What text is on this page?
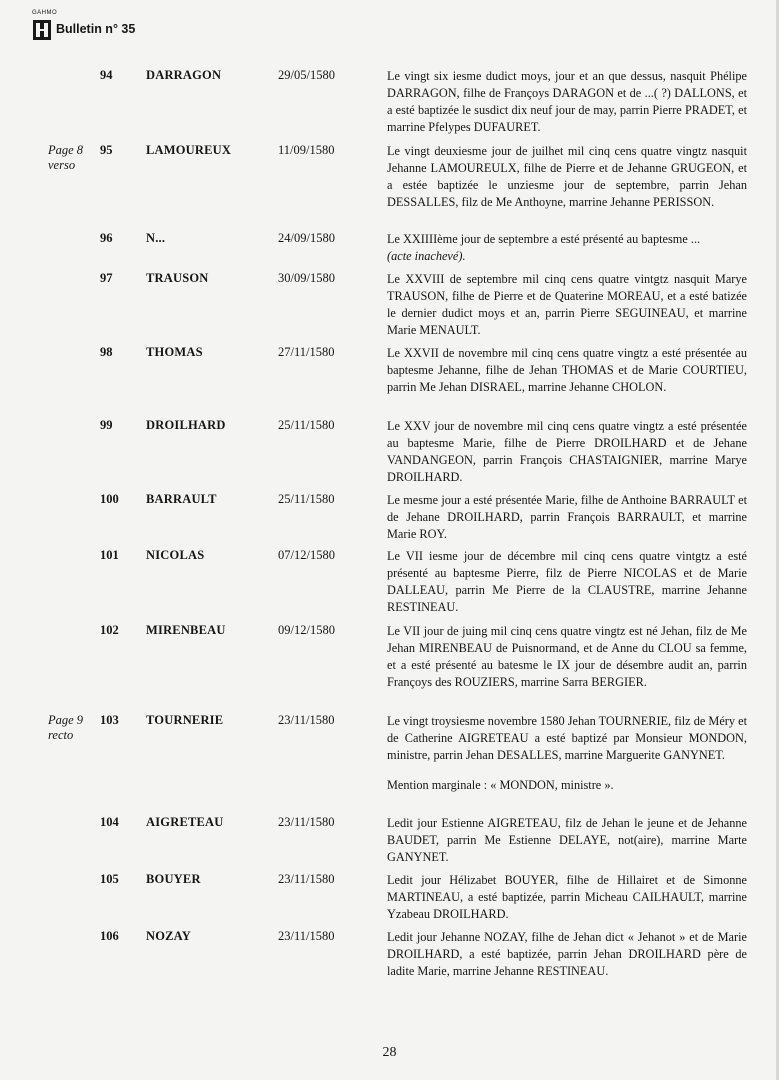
GAHMO
Bulletin n° 35
94	DARRAGON	29/05/1580	Le vingt six iesme dudict moys, jour et an que dessus, nasquit Phélipe DARRAGON, filhe de Françoys DARAGON et de ...( ?) DALLONS, et a esté baptizée le susdict dix neuf jour de may, parrin Pierre PRADET, et marrine Pfelypes DUFAURET.
Page 8 verso
95	LAMOUREUX	11/09/1580	Le vingt deuxiesme jour de juilhet mil cinq cens quatre vingtz nasquit Jehanne LAMOUREULX, filhe de Pierre et de Jehanne GRUGEON, et a estée baptizée le unziesme jour de septembre, parrin Jehan DESSALLES, filz de Me Anthoyne, marrine Jehanne PERISSON.
96	N...	24/09/1580	Le XXIIIIème jour de septembre a esté présenté au baptesme ...
(acte inachevé).
97	TRAUSON	30/09/1580	Le XXVIII de septembre mil cinq cens quatre vintgtz nasquit Marye TRAUSON, filhe de Pierre et de Quaterine MOREAU, et a esté batizée le dernier dudict moys et an, parrin Pierre SEGUINEAU, et marrine Marie MENAULT.
98	THOMAS	27/11/1580	Le XXVII de novembre mil cinq cens quatre vingtz a esté présentée au baptesme Jehanne, filhe de Jehan THOMAS et de Marie COURTIEU, parrin Me Jehan DISRAEL, marrine Jehanne CHOLON.
99	DROILHARD	25/11/1580	Le XXV jour de novembre mil cinq cens quatre vingtz a esté présentée au baptesme Marie, filhe de Pierre DROILHARD et de Jehane VANDANGEON, parrin François CHASTAIGNIER, marrine Marye DROILHARD.
100 BARRAULT	25/11/1580	Le mesme jour a esté présentée Marie, filhe de Anthoine BARRAULT et de Jehane DROILHARD, parrin François BARRAULT, et marrine Marie ROY.
101 NICOLAS	07/12/1580	Le VII iesme jour de décembre mil cinq cens quatre vintgtz a esté présenté au baptesme Pierre, filz de Pierre NICOLAS et de Marie DALLEAU, parrin Me Pierre de la CLAUSTRE, marrine Jehanne RESTINEAU.
102 MIRENBEAU	09/12/1580	Le VII jour de juing mil cinq cens quatre vingtz est né Jehan, filz de Me Jehan MIRENBEAU de Puisnormand, et de Anne du CLOU sa femme, et a esté présenté au batesme le IX jour de désembre audit an, parrin Françoys des ROUZIERS, marrine Sarra BERGIER.
Page 9 recto
103 TOURNERIE	23/11/1580	Le vingt troysiesme novembre 1580 Jehan TOURNERIE, filz de Méry et de Catherine AIGRETEAU a esté baptizé par Monsieur MONDON, ministre, parrin Jehan DESALLES, marrine Marguerite GANYNET.
Mention marginale : « MONDON, ministre ».
104 AIGRETEAU	23/11/1580	Ledit jour Estienne AIGRETEAU, filz de Jehan le jeune et de Jehanne BAUDET, parrin Me Estienne DELAYE, not(aire), marrine Marte GANYNET.
105 BOUYER	23/11/1580	Ledit jour Hélizabet BOUYER, filhe de Hillairet et de Simonne MARTINEAU, a esté baptizée, parrin Micheau CAILHAULT, marrine Yzabeau DROILHARD.
106 NOZAY	23/11/1580	Ledit jour Jehanne NOZAY, filhe de Jehan dict « Jehanot » et de Marie DROILHARD, a esté baptizée, parrin Jehan DROILHARD père de ladite Marie, marrine Jehanne RESTINEAU.
28
